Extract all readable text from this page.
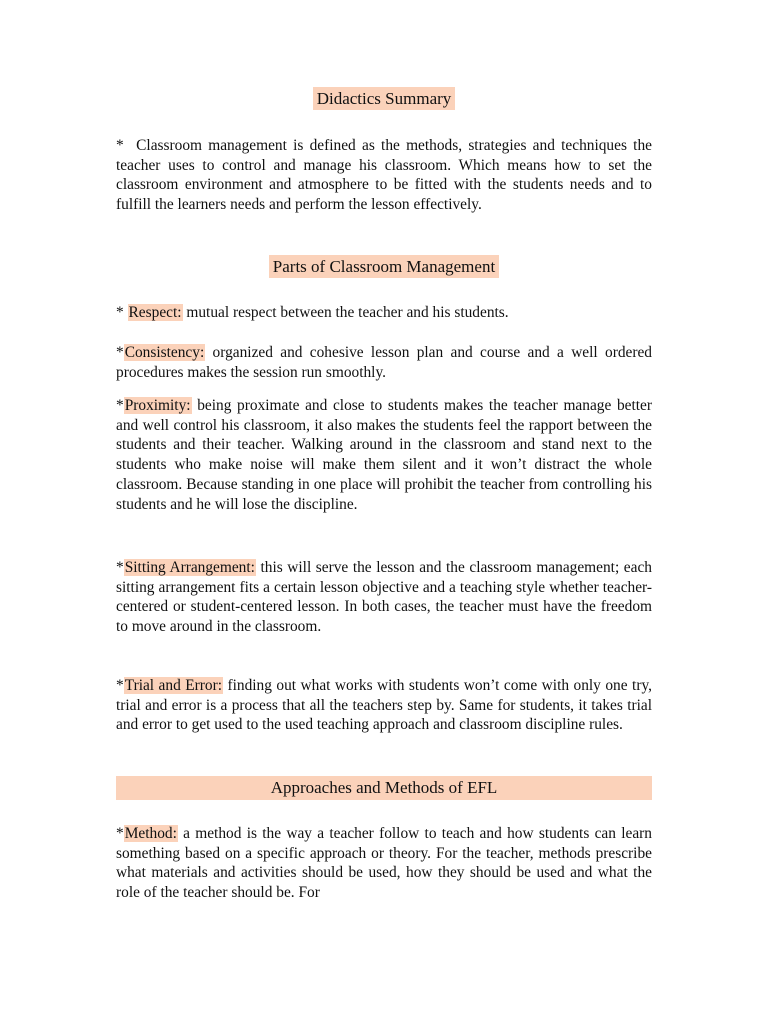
Didactics Summary

* Classroom management is defined as the methods, strategies and techniques the teacher uses to control and manage his classroom. Which means how to set the classroom environment and atmosphere to be fitted with the students needs and to fulfill the learners needs and perform the lesson effectively.

Parts of Classroom Management

* Respect: mutual respect between the teacher and his students.

*Consistency: organized and cohesive lesson plan and course and a well ordered procedures makes the session run smoothly.

*Proximity: being proximate and close to students makes the teacher manage better and well control his classroom, it also makes the students feel the rapport between the students and their teacher. Walking around in the classroom and stand next to the students who make noise will make them silent and it won’t distract the whole classroom. Because standing in one place will prohibit the teacher from controlling his students and he will lose the discipline.

*Sitting Arrangement: this will serve the lesson and the classroom management; each sitting arrangement fits a certain lesson objective and a teaching style whether teacher-centered or student-centered lesson. In both cases, the teacher must have the freedom to move around in the classroom.

*Trial and Error: finding out what works with students won’t come with only one try, trial and error is a process that all the teachers step by. Same for students, it takes trial and error to get used to the used teaching approach and classroom discipline rules.

Approaches and Methods of EFL

*Method: a method is the way a teacher follow to teach and how students can learn something based on a specific approach or theory. For the teacher, methods prescribe what materials and activities should be used, how they should be used and what the role of the teacher should be. For
